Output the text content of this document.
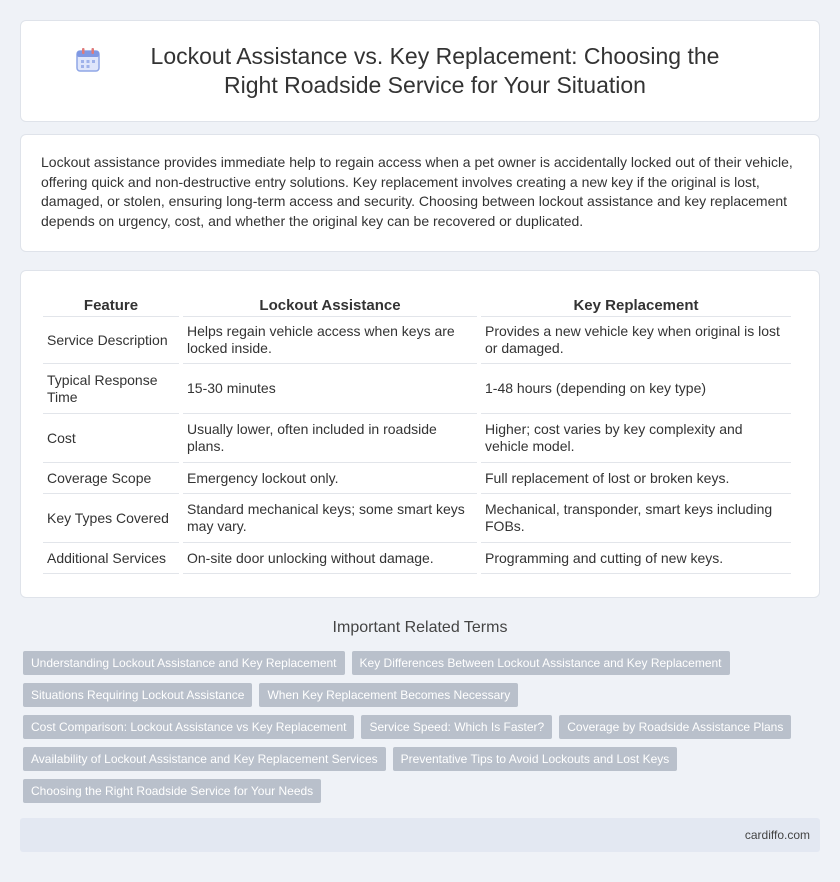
Lockout Assistance vs. Key Replacement: Choosing the Right Roadside Service for Your Situation

Lockout assistance provides immediate help to regain access when a pet owner is accidentally locked out of their vehicle, offering quick and non-destructive entry solutions. Key replacement involves creating a new key if the original is lost, damaged, or stolen, ensuring long-term access and security. Choosing between lockout assistance and key replacement depends on urgency, cost, and whether the original key can be recovered or duplicated.

Feature	Lockout Assistance	Key Replacement
Service Description	Helps regain vehicle access when keys are locked inside.	Provides a new vehicle key when original is lost or damaged.
Typical Response Time	15-30 minutes	1-48 hours (depending on key type)
Cost	Usually lower, often included in roadside plans.	Higher; cost varies by key complexity and vehicle model.
Coverage Scope	Emergency lockout only.	Full replacement of lost or broken keys.
Key Types Covered	Standard mechanical keys; some smart keys may vary.	Mechanical, transponder, smart keys including FOBs.
Additional Services	On-site door unlocking without damage.	Programming and cutting of new keys.
Important Related Terms
Understanding Lockout Assistance and Key Replacement	Key Differences Between Lockout Assistance and Key Replacement
Situations Requiring Lockout Assistance	When Key Replacement Becomes Necessary
Cost Comparison: Lockout Assistance vs Key Replacement	Service Speed: Which Is Faster?	Coverage by Roadside Assistance Plans
Availability of Lockout Assistance and Key Replacement Services	Preventative Tips to Avoid Lockouts and Lost Keys
Choosing the Right Roadside Service for Your Needs
cardiffo.com
